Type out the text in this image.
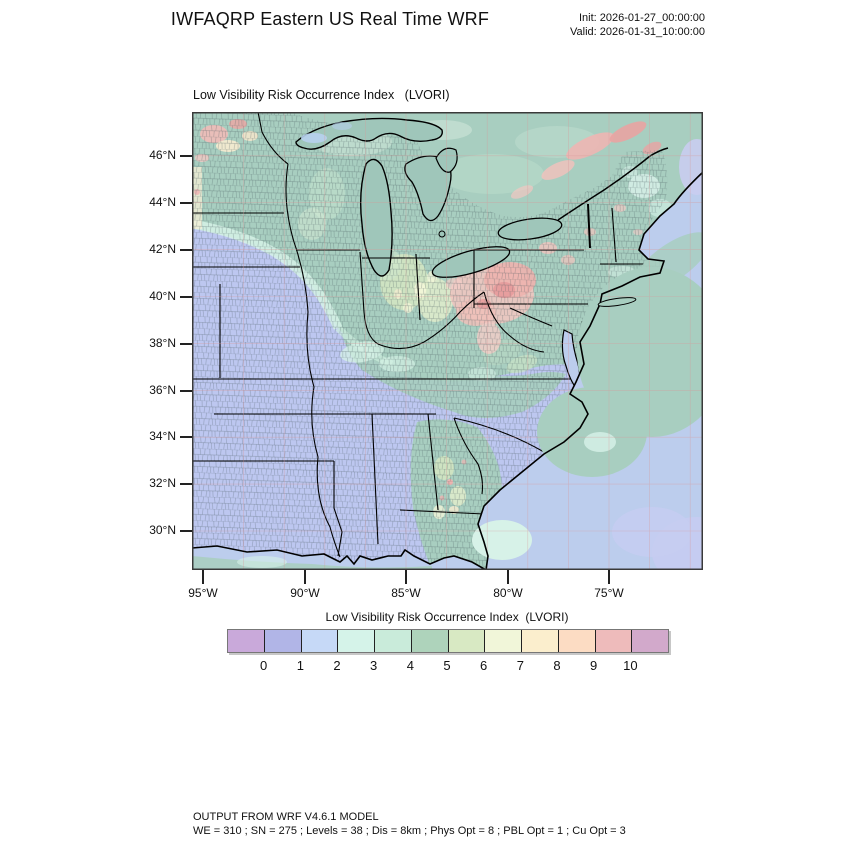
IWFAQRP Eastern US Real Time WRF	Init: 2026-01-27_00:00:00
Valid: 2026-01-31_10:00:00
Low Visibility Risk Occurrence Index   (LVORI)
Low Visibility Risk Occurrence Index  (LVORI)
OUTPUT FROM WRF V4.6.1 MODEL
WE = 310 ; SN = 275 ; Levels = 38 ; Dis = 8km ; Phys Opt = 8 ; PBL Opt = 1 ; Cu Opt = 3
46°N
44°N
42°N
40°N
38°N
36°N
34°N
32°N
30°N
95°W	90°W	85°W	80°W	75°W
0	1	2	3	4	5	6	7	8	9	10
